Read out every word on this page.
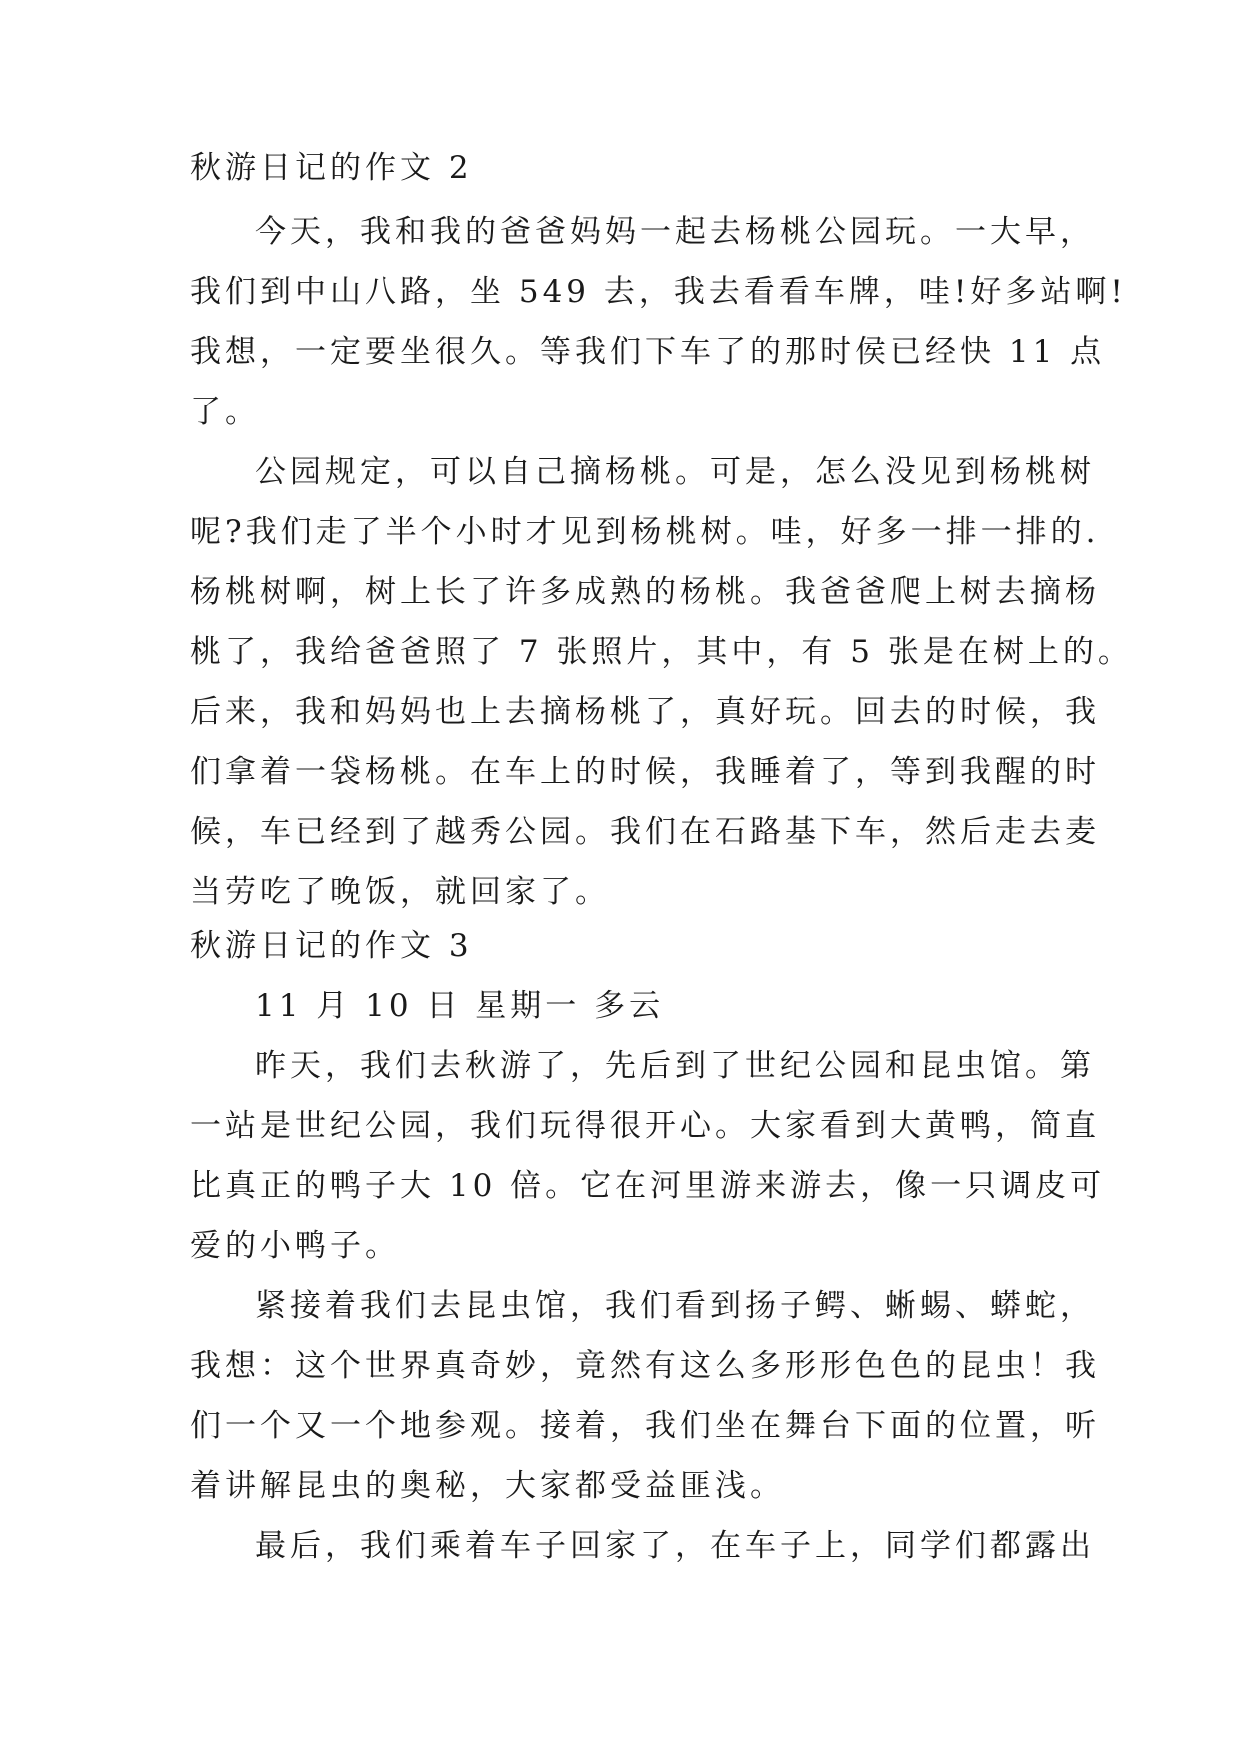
秋游日记的作文 2

今天，我和我的爸爸妈妈一起去杨桃公园玩。一大早，

我们到中山八路，坐 549 去，我去看看车牌，哇!好多站啊!

我想，一定要坐很久。等我们下车了的那时侯已经快 11 点

了。

公园规定，可以自己摘杨桃。可是，怎么没见到杨桃树

呢?我们走了半个小时才见到杨桃树。哇，好多一排一排的.

杨桃树啊，树上长了许多成熟的杨桃。我爸爸爬上树去摘杨

桃了，我给爸爸照了 7 张照片，其中，有 5 张是在树上的。

后来，我和妈妈也上去摘杨桃了，真好玩。回去的时候，我

们拿着一袋杨桃。在车上的时候，我睡着了，等到我醒的时

候，车已经到了越秀公园。我们在石路基下车，然后走去麦

当劳吃了晚饭，就回家了。

秋游日记的作文 3

11 月 10 日 星期一 多云

昨天，我们去秋游了，先后到了世纪公园和昆虫馆。第

一站是世纪公园，我们玩得很开心。大家看到大黄鸭，简直

比真正的鸭子大 10 倍。它在河里游来游去，像一只调皮可

爱的小鸭子。

紧接着我们去昆虫馆，我们看到扬子鳄、蜥蜴、蟒蛇，

我想：这个世界真奇妙，竟然有这么多形形色色的昆虫！我

们一个又一个地参观。接着，我们坐在舞台下面的位置，听

着讲解昆虫的奥秘，大家都受益匪浅。

最后，我们乘着车子回家了，在车子上，同学们都露出
